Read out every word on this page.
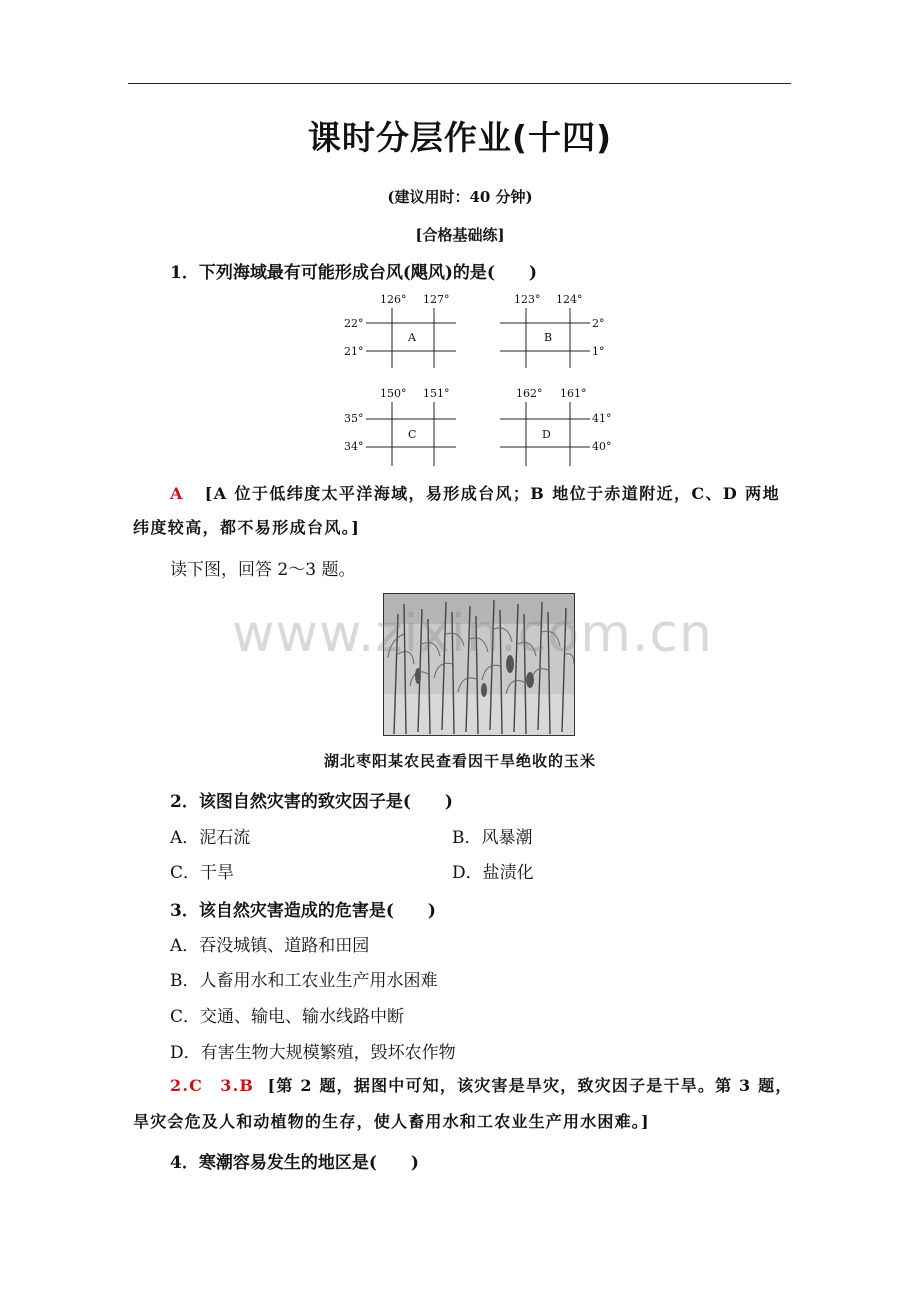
课时分层作业(十四)
(建议用时：40 分钟)
[合格基础练]
1．下列海域最有可能形成台风(飓风)的是(　　)
126° 127°
22°
21°
A
123° 124°
2°
1°
B
150° 151°
35°
34°
C
162° 161°
41°
40°
D
A [A 位于低纬度太平洋海域，易形成台风；B 地位于赤道附近，C、D 两地
纬度较高，都不易形成台风。]
读下图，回答 2～3 题。
www.zixin.com.cn
湖北枣阳某农民查看因干旱绝收的玉米
2．该图自然灾害的致灾因子是(　　)
A．泥石流	B．风暴潮
C．干旱	D．盐渍化
3．该自然灾害造成的危害是(　　)
A．吞没城镇、道路和田园
B．人畜用水和工农业生产用水困难
C．交通、输电、输水线路中断
D．有害生物大规模繁殖，毁坏农作物
2.C　3.B [第 2 题，据图中可知，该灾害是旱灾，致灾因子是干旱。第 3 题，
旱灾会危及人和动植物的生存，使人畜用水和工农业生产用水困难。]
4．寒潮容易发生的地区是(　　)
